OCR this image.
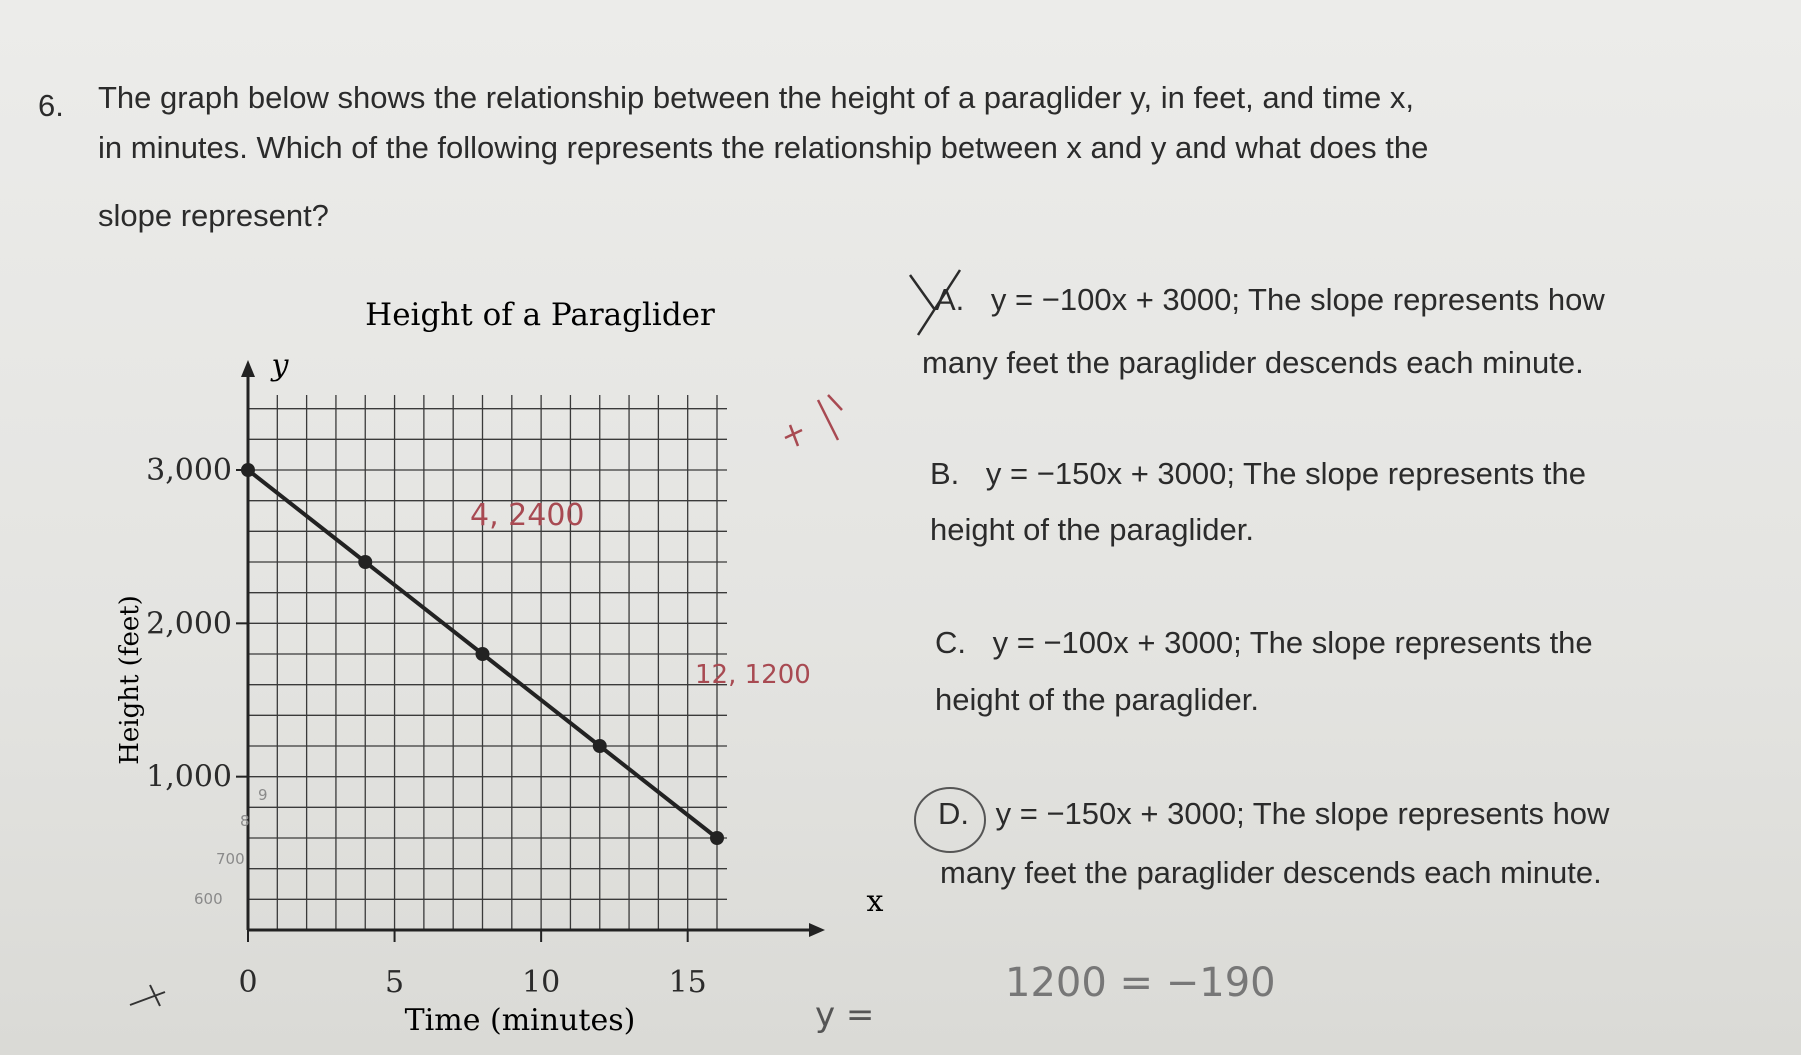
6. The graph below shows the relationship between the height of a paraglider y, in feet, and time x,
in minutes. Which of the following represents the relationship between x and y and what does the
slope represent?
Height of a Paraglider
y
x
Height (feet)
Time (minutes)
0	5	10	15
1,000
2,000
3,000
4, 2400
12, 1200
9
8
700
600
y =
1200 = −190
A. y = −100x + 3000; The slope represents how
many feet the paraglider descends each minute.
B. y = −150x + 3000; The slope represents the
height of the paraglider.
C. y = −100x + 3000; The slope represents the
height of the paraglider.
D. y = −150x + 3000; The slope represents how
many feet the paraglider descends each minute.
